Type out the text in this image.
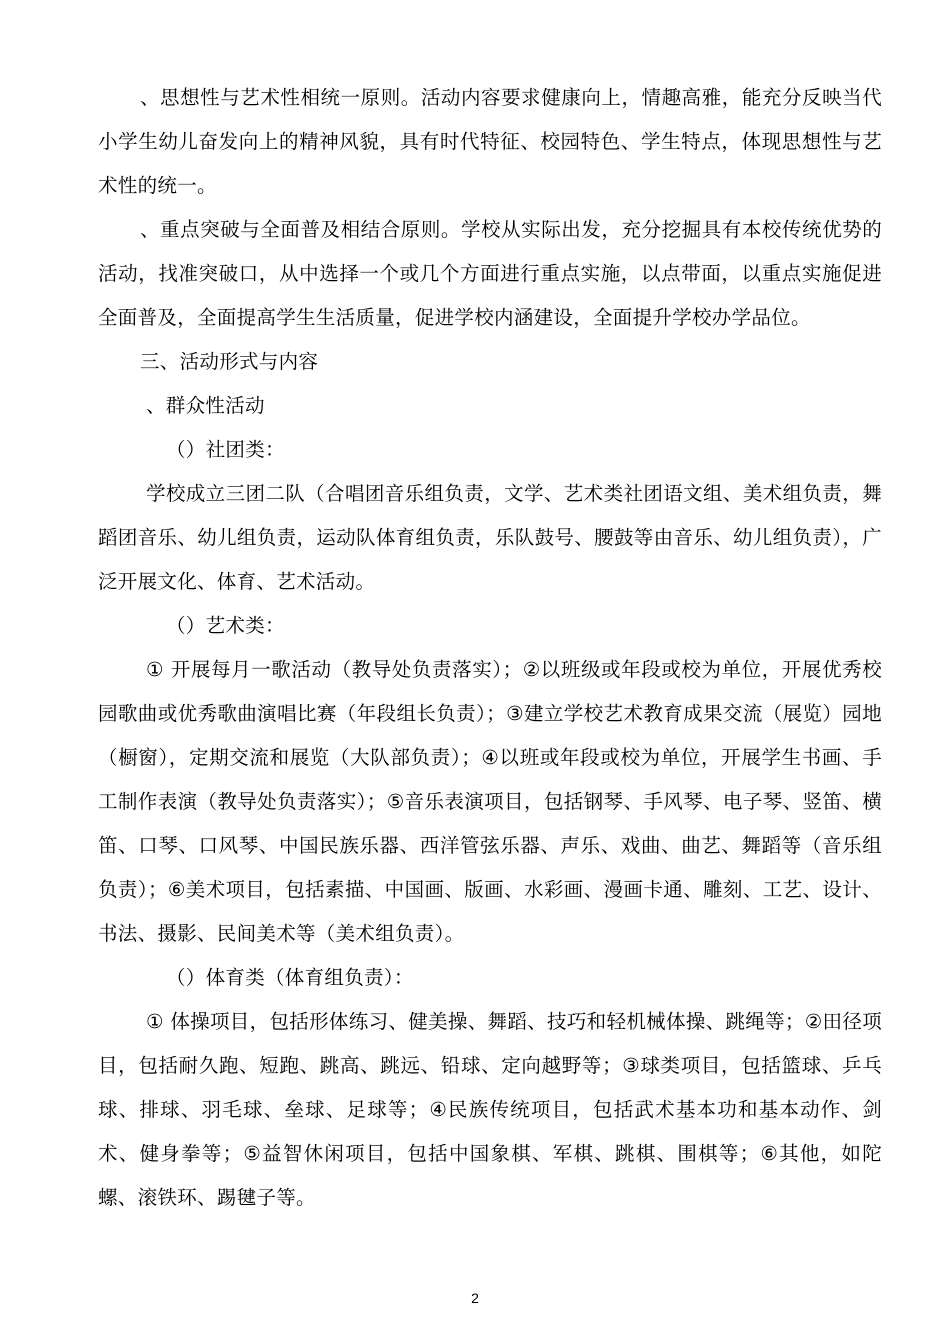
、思想性与艺术性相统一原则。活动内容要求健康向上，情趣高雅，能充分反映当代小学生幼儿奋发向上的精神风貌，具有时代特征、校园特色、学生特点，体现思想性与艺术性的统一。

、重点突破与全面普及相结合原则。学校从实际出发，充分挖掘具有本校传统优势的活动，找准突破口，从中选择一个或几个方面进行重点实施，以点带面，以重点实施促进全面普及，全面提高学生生活质量，促进学校内涵建设，全面提升学校办学品位。

三、活动形式与内容

、群众性活动

（）社团类：

学校成立三团二队（合唱团音乐组负责，文学、艺术类社团语文组、美术组负责，舞蹈团音乐、幼儿组负责，运动队体育组负责，乐队鼓号、腰鼓等由音乐、幼儿组负责），广泛开展文化、体育、艺术活动。

（）艺术类：

① 开展每月一歌活动（教导处负责落实）；②以班级或年段或校为单位，开展优秀校园歌曲或优秀歌曲演唱比赛（年段组长负责）；③建立学校艺术教育成果交流（展览）园地（橱窗），定期交流和展览（大队部负责）；④以班或年段或校为单位，开展学生书画、手工制作表演（教导处负责落实）；⑤音乐表演项目，包括钢琴、手风琴、电子琴、竖笛、横笛、口琴、口风琴、中国民族乐器、西洋管弦乐器、声乐、戏曲、曲艺、舞蹈等（音乐组负责）；⑥美术项目，包括素描、中国画、版画、水彩画、漫画卡通、雕刻、工艺、设计、书法、摄影、民间美术等（美术组负责）。

（）体育类（体育组负责）：

① 体操项目，包括形体练习、健美操、舞蹈、技巧和轻机械体操、跳绳等；②田径项目，包括耐久跑、短跑、跳高、跳远、铅球、定向越野等；③球类项目，包括篮球、乒乓球、排球、羽毛球、垒球、足球等；④民族传统项目，包括武术基本功和基本动作、剑术、健身拳等；⑤益智休闲项目，包括中国象棋、军棋、跳棋、围棋等；⑥其他，如陀螺、滚铁环、踢毽子等。

2
